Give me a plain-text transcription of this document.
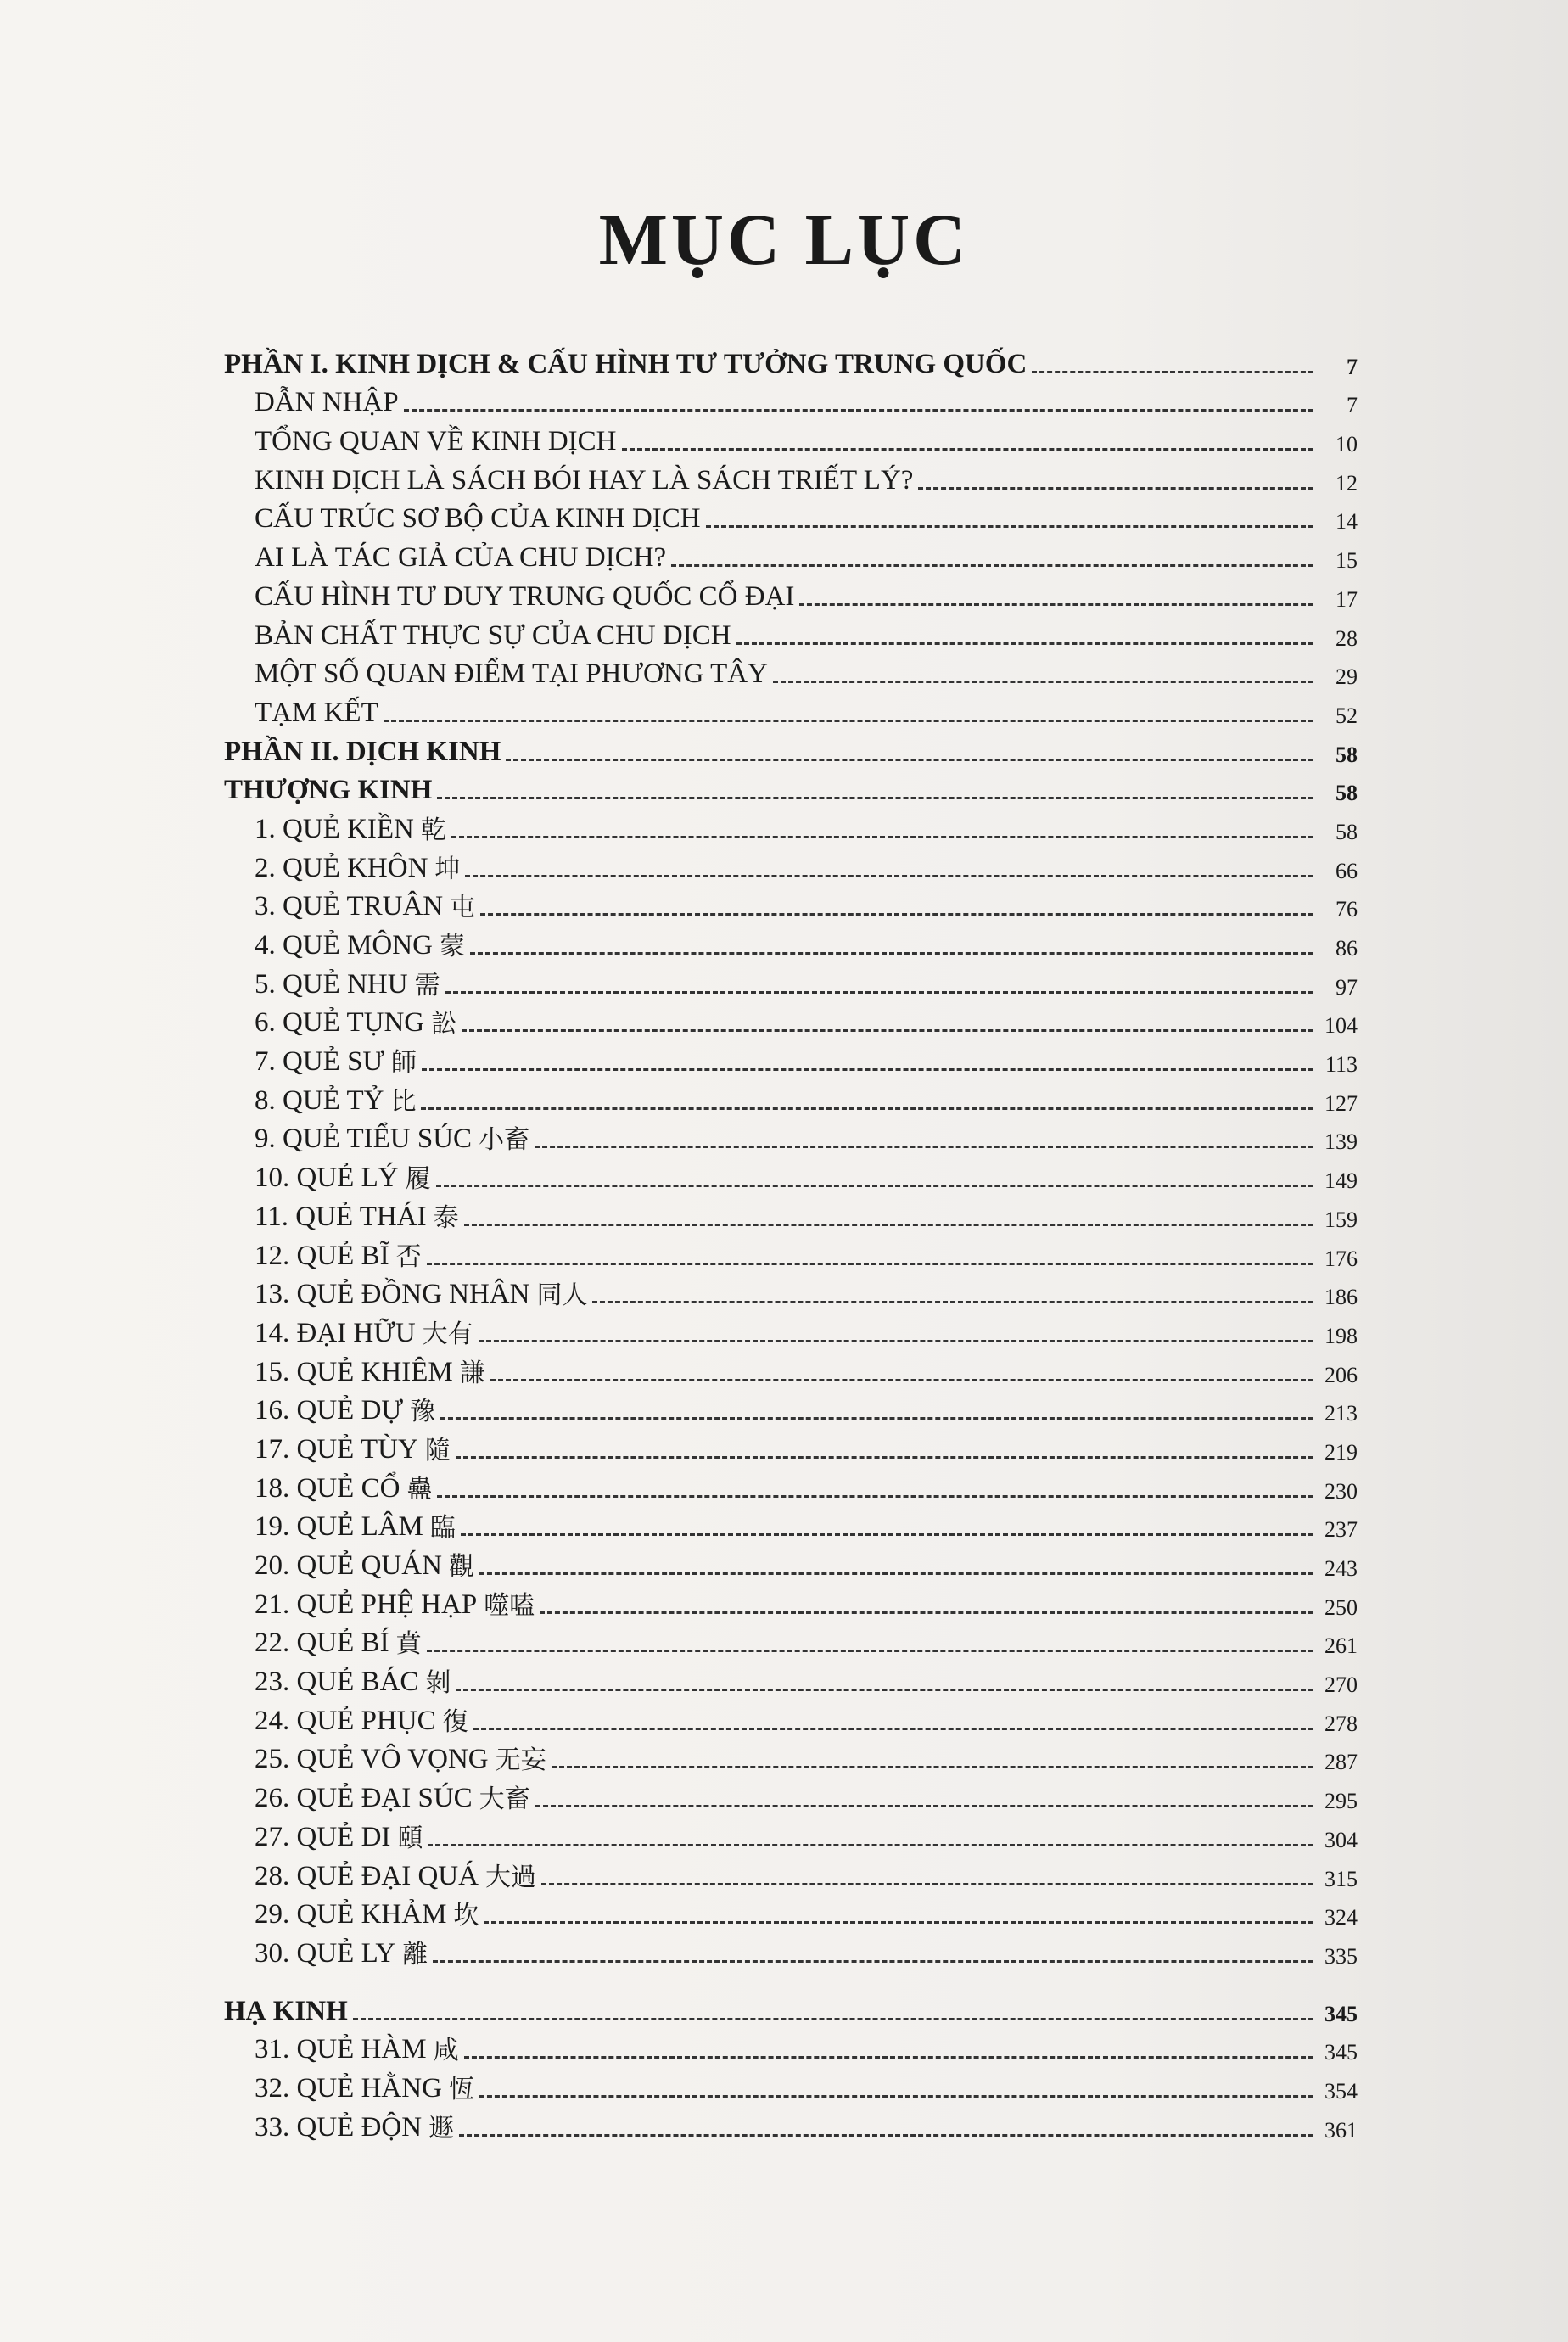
MỤC LỤC
PHẦN I. KINH DỊCH & CẤU HÌNH TƯ TƯỞNG TRUNG QUỐC	7
DẪN NHẬP	7
TỔNG QUAN VỀ KINH DỊCH	10
KINH DỊCH LÀ SÁCH BÓI HAY LÀ SÁCH TRIẾT LÝ?	12
CẤU TRÚC SƠ BỘ CỦA KINH DỊCH	14
AI LÀ TÁC GIẢ CỦA CHU DỊCH?	15
CẤU HÌNH TƯ DUY TRUNG QUỐC CỔ ĐẠI	17
BẢN CHẤT THỰC SỰ CỦA CHU DỊCH	28
MỘT SỐ QUAN ĐIỂM TẠI PHƯƠNG TÂY	29
TẠM KẾT	52
PHẦN II. DỊCH KINH	58
THƯỢNG KINH	58
1. QUẺ KIỀN 乾	58
2. QUẺ KHÔN 坤	66
3. QUẺ TRUÂN 屯	76
4. QUẺ MÔNG 蒙	86
5. QUẺ NHU 需	97
6. QUẺ TỤNG 訟	104
7. QUẺ SƯ 師	113
8. QUẺ TỶ 比	127
9. QUẺ TIỂU SÚC 小畜	139
10. QUẺ LÝ 履	149
11. QUẺ THÁI 泰	159
12. QUẺ BĨ 否	176
13. QUẺ ĐỒNG NHÂN 同人	186
14. ĐẠI HỮU 大有	198
15. QUẺ KHIÊM 謙	206
16. QUẺ DỰ 豫	213
17. QUẺ TÙY 隨	219
18. QUẺ CỔ 蠱	230
19. QUẺ LÂM 臨	237
20. QUẺ QUÁN 觀	243
21. QUẺ PHỆ HẠP 噬嗑	250
22. QUẺ BÍ 賁	261
23. QUẺ BÁC 剝	270
24. QUẺ PHỤC 復	278
25. QUẺ VÔ VỌNG 无妄	287
26. QUẺ ĐẠI SÚC 大畜	295
27. QUẺ DI 頤	304
28. QUẺ ĐẠI QUÁ 大過	315
29. QUẺ KHẢM 坎	324
30. QUẺ LY 離	335
HẠ KINH	345
31. QUẺ HÀM 咸	345
32. QUẺ HẰNG 恆	354
33. QUẺ ĐỘN 遯	361
